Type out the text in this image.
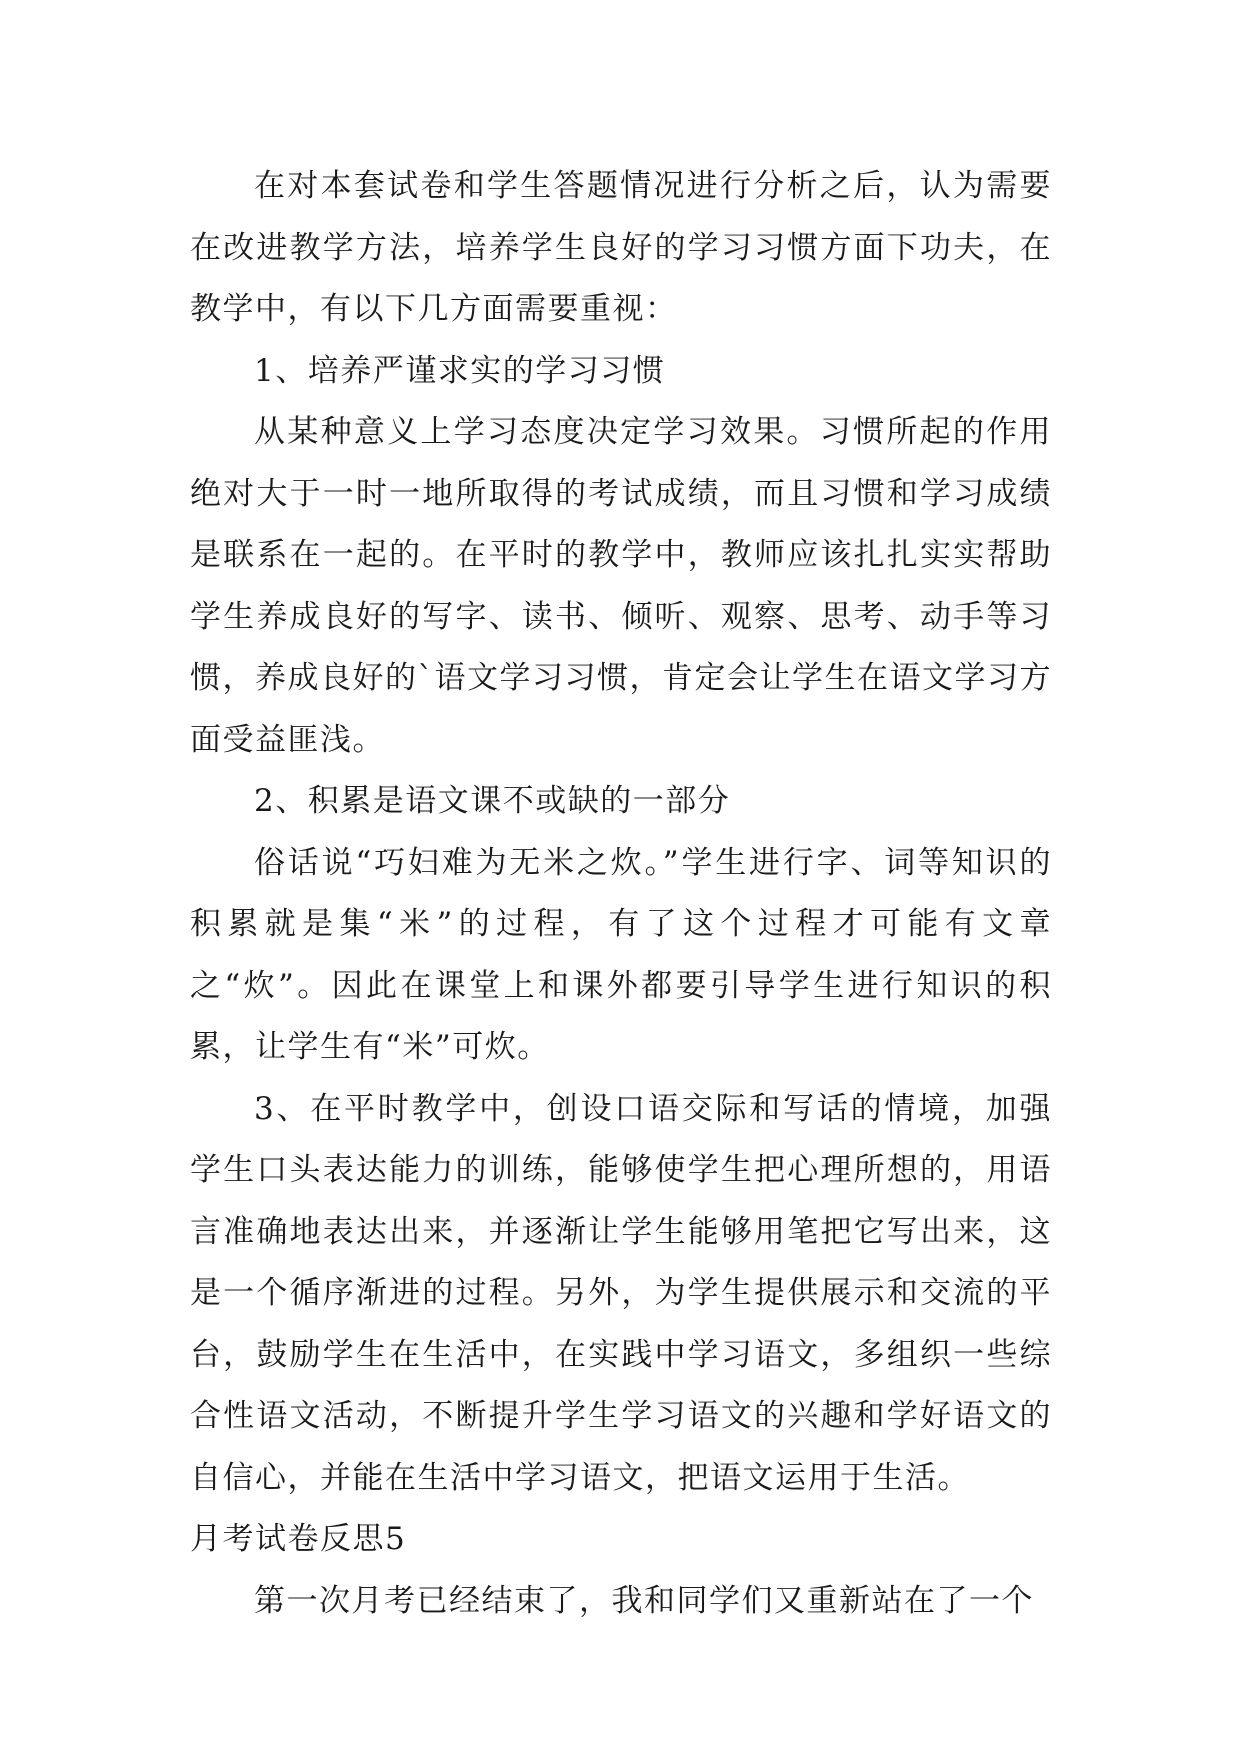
在对本套试卷和学生答题情况进行分析之后，认为需要在改进教学方法，培养学生良好的学习习惯方面下功夫，在教学中，有以下几方面需要重视：

1、培养严谨求实的学习习惯

从某种意义上学习态度决定学习效果。习惯所起的作用绝对大于一时一地所取得的考试成绩，而且习惯和学习成绩是联系在一起的。在平时的教学中，教师应该扎扎实实帮助学生养成良好的写字、读书、倾听、观察、思考、动手等习惯，养成良好的`语文学习习惯，肯定会让学生在语文学习方面受益匪浅。

2、积累是语文课不或缺的一部分

俗话说“巧妇难为无米之炊。”学生进行字、词等知识的积累就是集“米”的过程，有了这个过程才可能有文章之“炊”。因此在课堂上和课外都要引导学生进行知识的积累，让学生有“米”可炊。

3、在平时教学中，创设口语交际和写话的情境，加强学生口头表达能力的训练，能够使学生把心理所想的，用语言准确地表达出来，并逐渐让学生能够用笔把它写出来，这是一个循序渐进的过程。另外，为学生提供展示和交流的平台，鼓励学生在生活中，在实践中学习语文，多组织一些综合性语文活动，不断提升学生学习语文的兴趣和学好语文的自信心，并能在生活中学习语文，把语文运用于生活。

月考试卷反思5

第一次月考已经结束了，我和同学们又重新站在了一个
